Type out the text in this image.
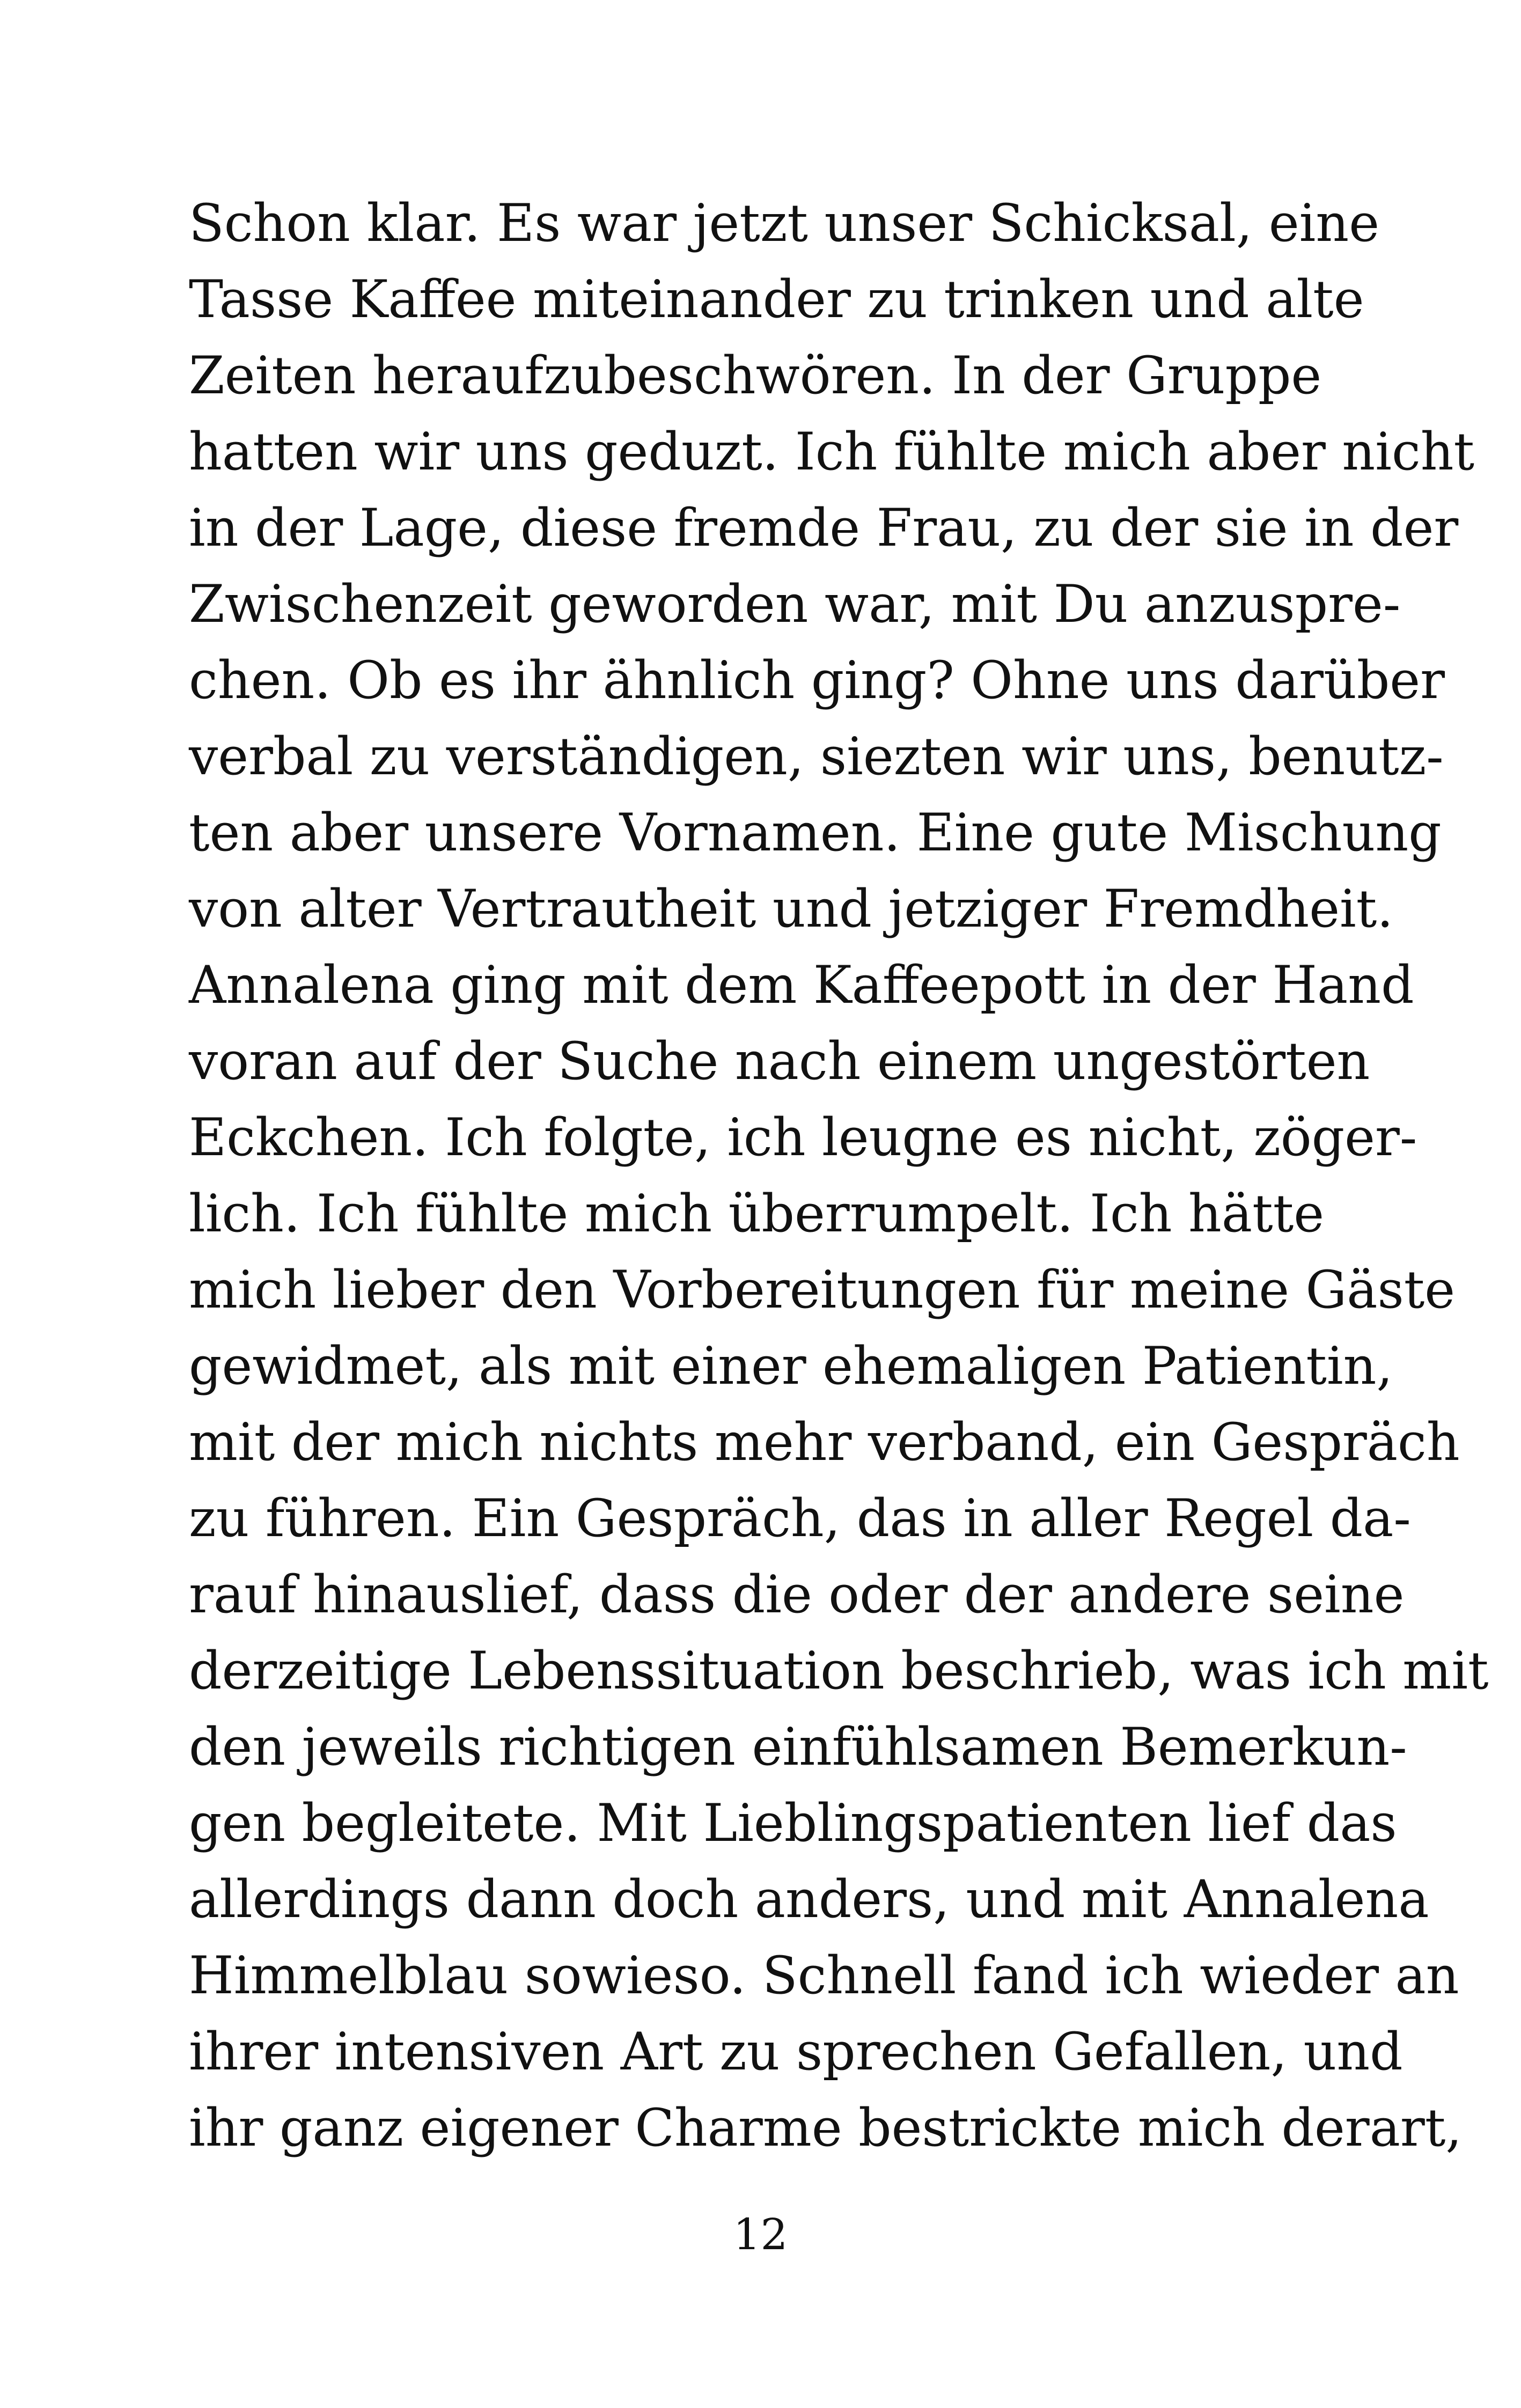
Schon klar. Es war jetzt unser Schicksal, eine
Tasse Kaffee miteinander zu trinken und alte
Zeiten heraufzubeschwören. In der Gruppe
hatten wir uns geduzt. Ich fühlte mich aber nicht
in der Lage, diese fremde Frau, zu der sie in der
Zwischenzeit geworden war, mit Du anzuspre-
chen. Ob es ihr ähnlich ging? Ohne uns darüber
verbal zu verständigen, siezten wir uns, benutz-
ten aber unsere Vornamen. Eine gute Mischung
von alter Vertrautheit und jetziger Fremdheit.
Annalena ging mit dem Kaffeepott in der Hand
voran auf der Suche nach einem ungestörten
Eckchen. Ich folgte, ich leugne es nicht, zöger-
lich. Ich fühlte mich überrumpelt. Ich hätte
mich lieber den Vorbereitungen für meine Gäste
gewidmet, als mit einer ehemaligen Patientin,
mit der mich nichts mehr verband, ein Gespräch
zu führen. Ein Gespräch, das in aller Regel da-
rauf hinauslief, dass die oder der andere seine
derzeitige Lebenssituation beschrieb, was ich mit
den jeweils richtigen einfühlsamen Bemerkun-
gen begleitete. Mit Lieblingspatienten lief das
allerdings dann doch anders, und mit Annalena
Himmelblau sowieso. Schnell fand ich wieder an
ihrer intensiven Art zu sprechen Gefallen, und
ihr ganz eigener Charme bestrickte mich derart,
12
